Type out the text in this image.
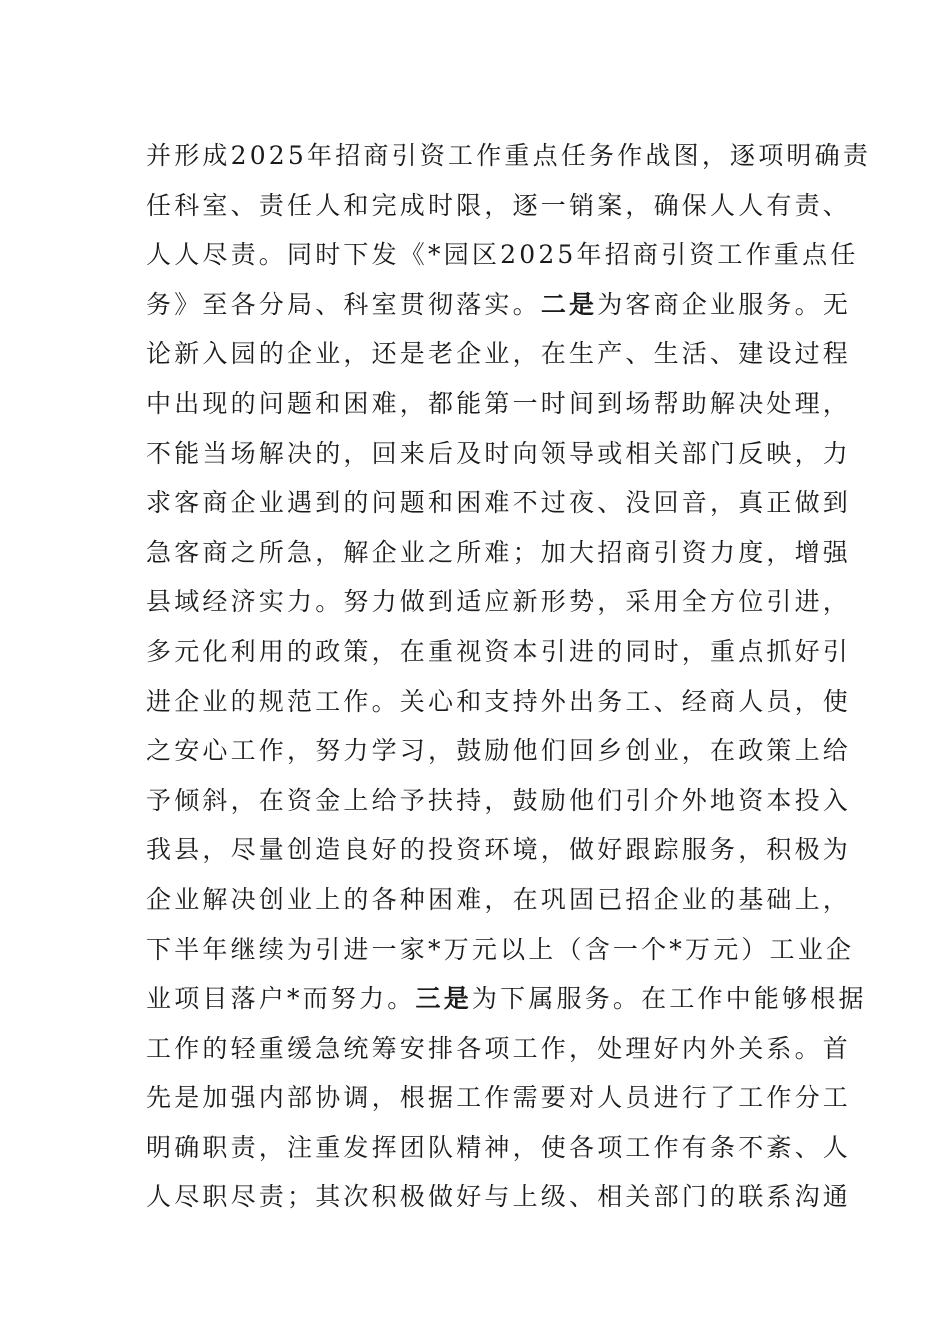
并形成2025年招商引资工作重点任务作战图，逐项明确责
任科室、责任人和完成时限，逐一销案，确保人人有责、
人人尽责。同时下发《*园区2025年招商引资工作重点任
务》至各分局、科室贯彻落实。二是为客商企业服务。无
论新入园的企业，还是老企业，在生产、生活、建设过程
中出现的问题和困难，都能第一时间到场帮助解决处理，
不能当场解决的，回来后及时向领导或相关部门反映，力
求客商企业遇到的问题和困难不过夜、没回音，真正做到
急客商之所急，解企业之所难；加大招商引资力度，增强
县域经济实力。努力做到适应新形势，采用全方位引进，
多元化利用的政策，在重视资本引进的同时，重点抓好引
进企业的规范工作。关心和支持外出务工、经商人员，使
之安心工作，努力学习，鼓励他们回乡创业，在政策上给
予倾斜，在资金上给予扶持，鼓励他们引介外地资本投入
我县，尽量创造良好的投资环境，做好跟踪服务，积极为
企业解决创业上的各种困难，在巩固已招企业的基础上，
下半年继续为引进一家*万元以上（含一个*万元）工业企
业项目落户*而努力。三是为下属服务。在工作中能够根据
工作的轻重缓急统筹安排各项工作，处理好内外关系。首
先是加强内部协调，根据工作需要对人员进行了工作分工
明确职责，注重发挥团队精神，使各项工作有条不紊、人
人尽职尽责；其次积极做好与上级、相关部门的联系沟通
